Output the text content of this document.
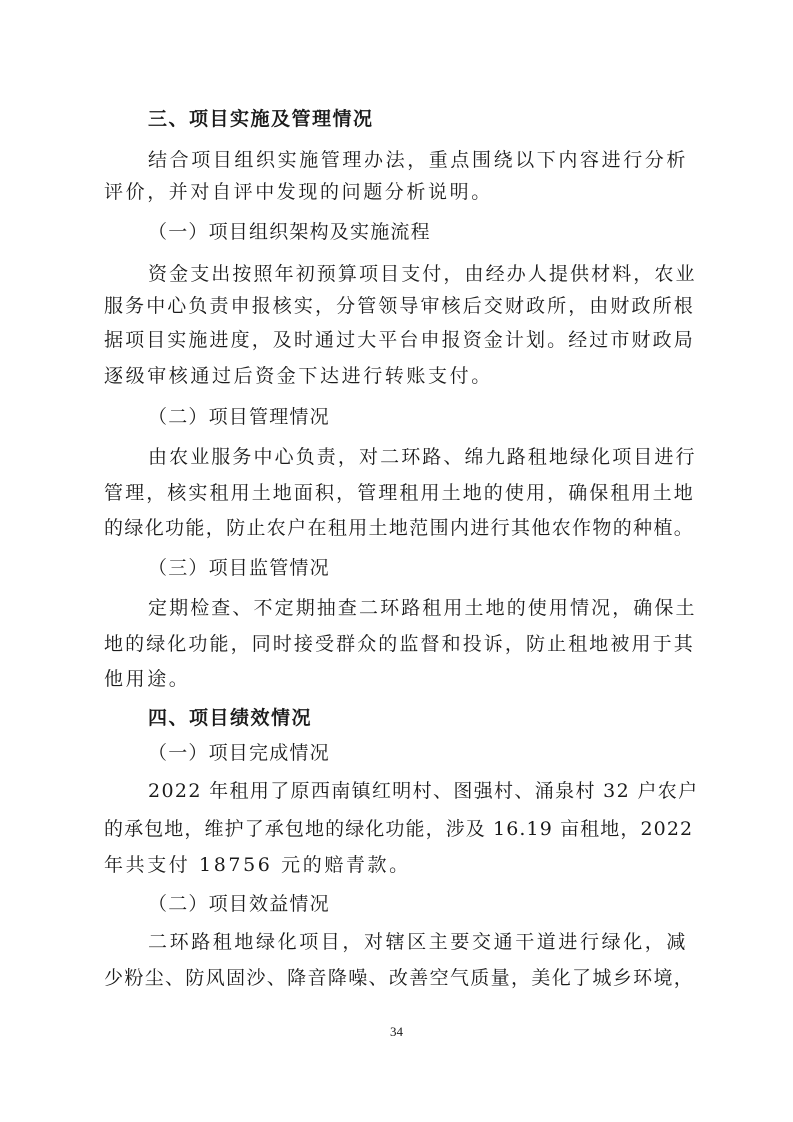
三、项目实施及管理情况
结合项目组织实施管理办法，重点围绕以下内容进行分析
评价，并对自评中发现的问题分析说明。
（一）项目组织架构及实施流程
资金支出按照年初预算项目支付，由经办人提供材料，农业
服务中心负责申报核实，分管领导审核后交财政所，由财政所根
据项目实施进度，及时通过大平台申报资金计划。经过市财政局
逐级审核通过后资金下达进行转账支付。
（二）项目管理情况
由农业服务中心负责，对二环路、绵九路租地绿化项目进行
管理，核实租用土地面积，管理租用土地的使用，确保租用土地
的绿化功能，防止农户在租用土地范围内进行其他农作物的种植。
（三）项目监管情况
定期检查、不定期抽查二环路租用土地的使用情况，确保土
地的绿化功能，同时接受群众的监督和投诉，防止租地被用于其
他用途。
四、项目绩效情况
（一）项目完成情况
2022 年租用了原西南镇红明村、图强村、涌泉村 32 户农户
的承包地，维护了承包地的绿化功能，涉及 16.19 亩租地，2022
年共支付 18756 元的赔青款。
（二）项目效益情况
二环路租地绿化项目，对辖区主要交通干道进行绿化，减
少粉尘、防风固沙、降音降噪、改善空气质量，美化了城乡环境，
34
